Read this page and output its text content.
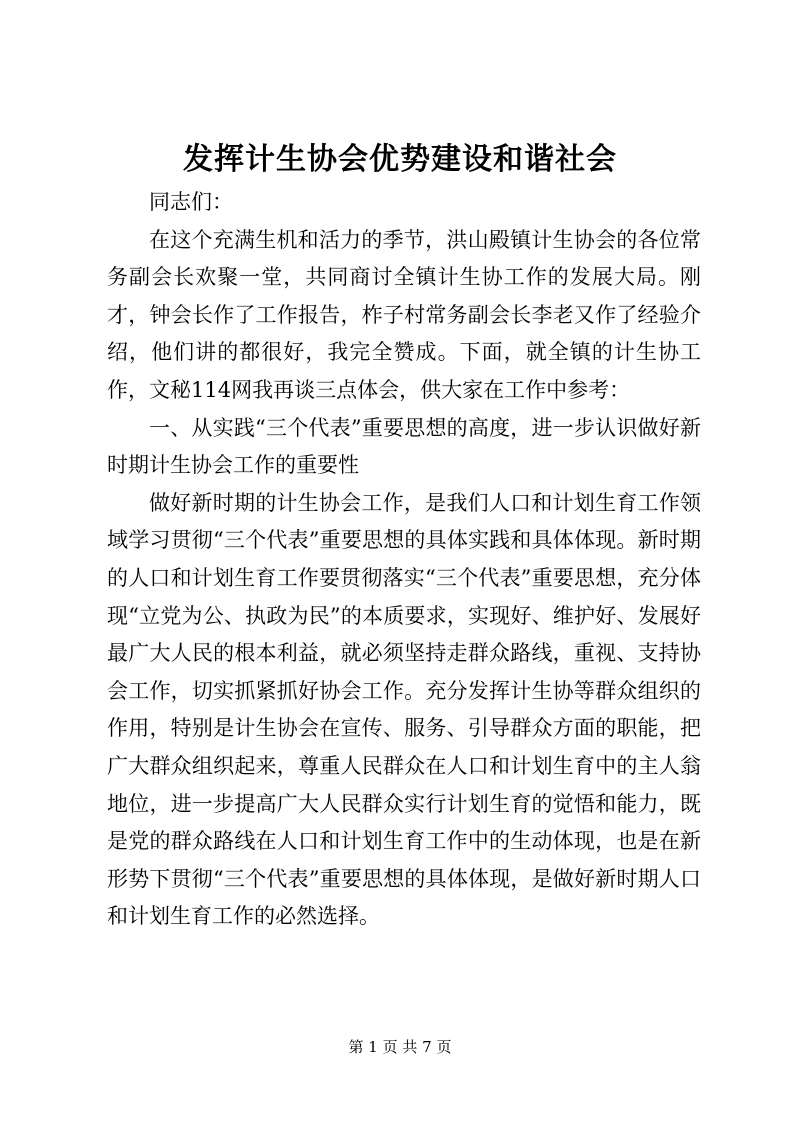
发挥计生协会优势建设和谐社会

同志们：

在这个充满生机和活力的季节，洪山殿镇计生协会的各位常务副会长欢聚一堂，共同商讨全镇计生协工作的发展大局。刚才，钟会长作了工作报告，柞子村常务副会长李老又作了经验介绍，他们讲的都很好，我完全赞成。下面，就全镇的计生协工作，文秘114网我再谈三点体会，供大家在工作中参考：

一、从实践“三个代表”重要思想的高度，进一步认识做好新时期计生协会工作的重要性

做好新时期的计生协会工作，是我们人口和计划生育工作领域学习贯彻“三个代表”重要思想的具体实践和具体体现。新时期的人口和计划生育工作要贯彻落实“三个代表”重要思想，充分体现“立党为公、执政为民”的本质要求，实现好、维护好、发展好最广大人民的根本利益，就必须坚持走群众路线，重视、支持协会工作，切实抓紧抓好协会工作。充分发挥计生协等群众组织的作用，特别是计生协会在宣传、服务、引导群众方面的职能，把广大群众组织起来，尊重人民群众在人口和计划生育中的主人翁地位，进一步提高广大人民群众实行计划生育的觉悟和能力，既是党的群众路线在人口和计划生育工作中的生动体现，也是在新形势下贯彻“三个代表”重要思想的具体体现，是做好新时期人口和计划生育工作的必然选择。

第 1 页 共 7 页
